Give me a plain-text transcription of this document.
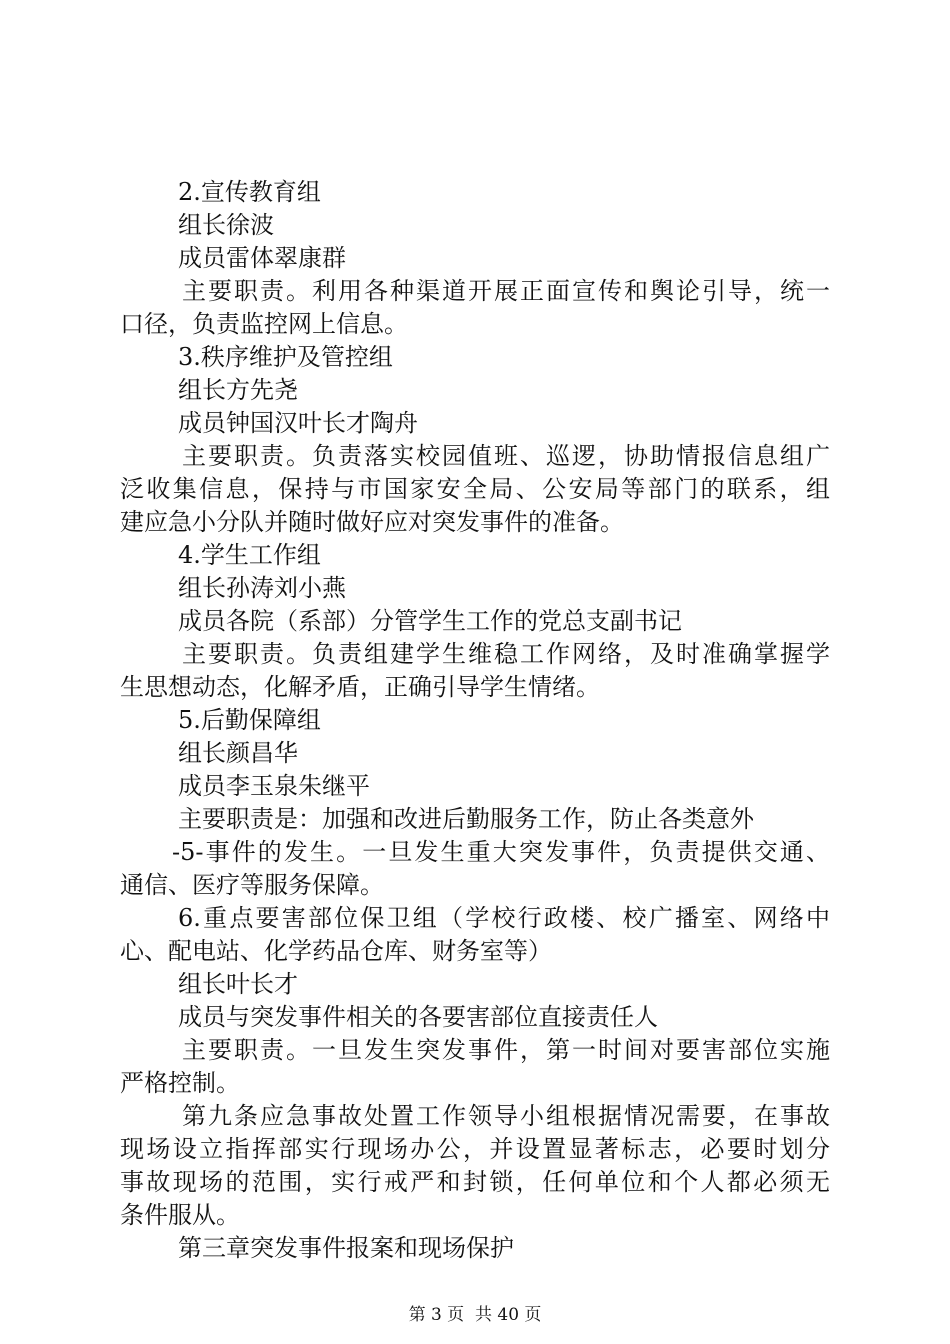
2.宣传教育组
组长徐波
成员雷体翠康群
主要职责。利用各种渠道开展正面宣传和舆论引导，统一
口径，负责监控网上信息。
3.秩序维护及管控组
组长方先尧
成员钟国汉叶长才陶舟
主要职责。负责落实校园值班、巡逻，协助情报信息组广
泛收集信息，保持与市国家安全局、公安局等部门的联系，组
建应急小分队并随时做好应对突发事件的准备。
4.学生工作组
组长孙涛刘小燕
成员各院（系部）分管学生工作的党总支副书记
主要职责。负责组建学生维稳工作网络，及时准确掌握学
生思想动态，化解矛盾，正确引导学生情绪。
5.后勤保障组
组长颜昌华
成员李玉泉朱继平
主要职责是：加强和改进后勤服务工作，防止各类意外
-5-事件的发生。一旦发生重大突发事件，负责提供交通、
通信、医疗等服务保障。
6.重点要害部位保卫组（学校行政楼、校广播室、网络中
心、配电站、化学药品仓库、财务室等）
组长叶长才
成员与突发事件相关的各要害部位直接责任人
主要职责。一旦发生突发事件，第一时间对要害部位实施
严格控制。
第九条应急事故处置工作领导小组根据情况需要，在事故
现场设立指挥部实行现场办公，并设置显著标志，必要时划分
事故现场的范围，实行戒严和封锁，任何单位和个人都必须无
条件服从。
第三章突发事件报案和现场保护
第 3 页  共 40 页
